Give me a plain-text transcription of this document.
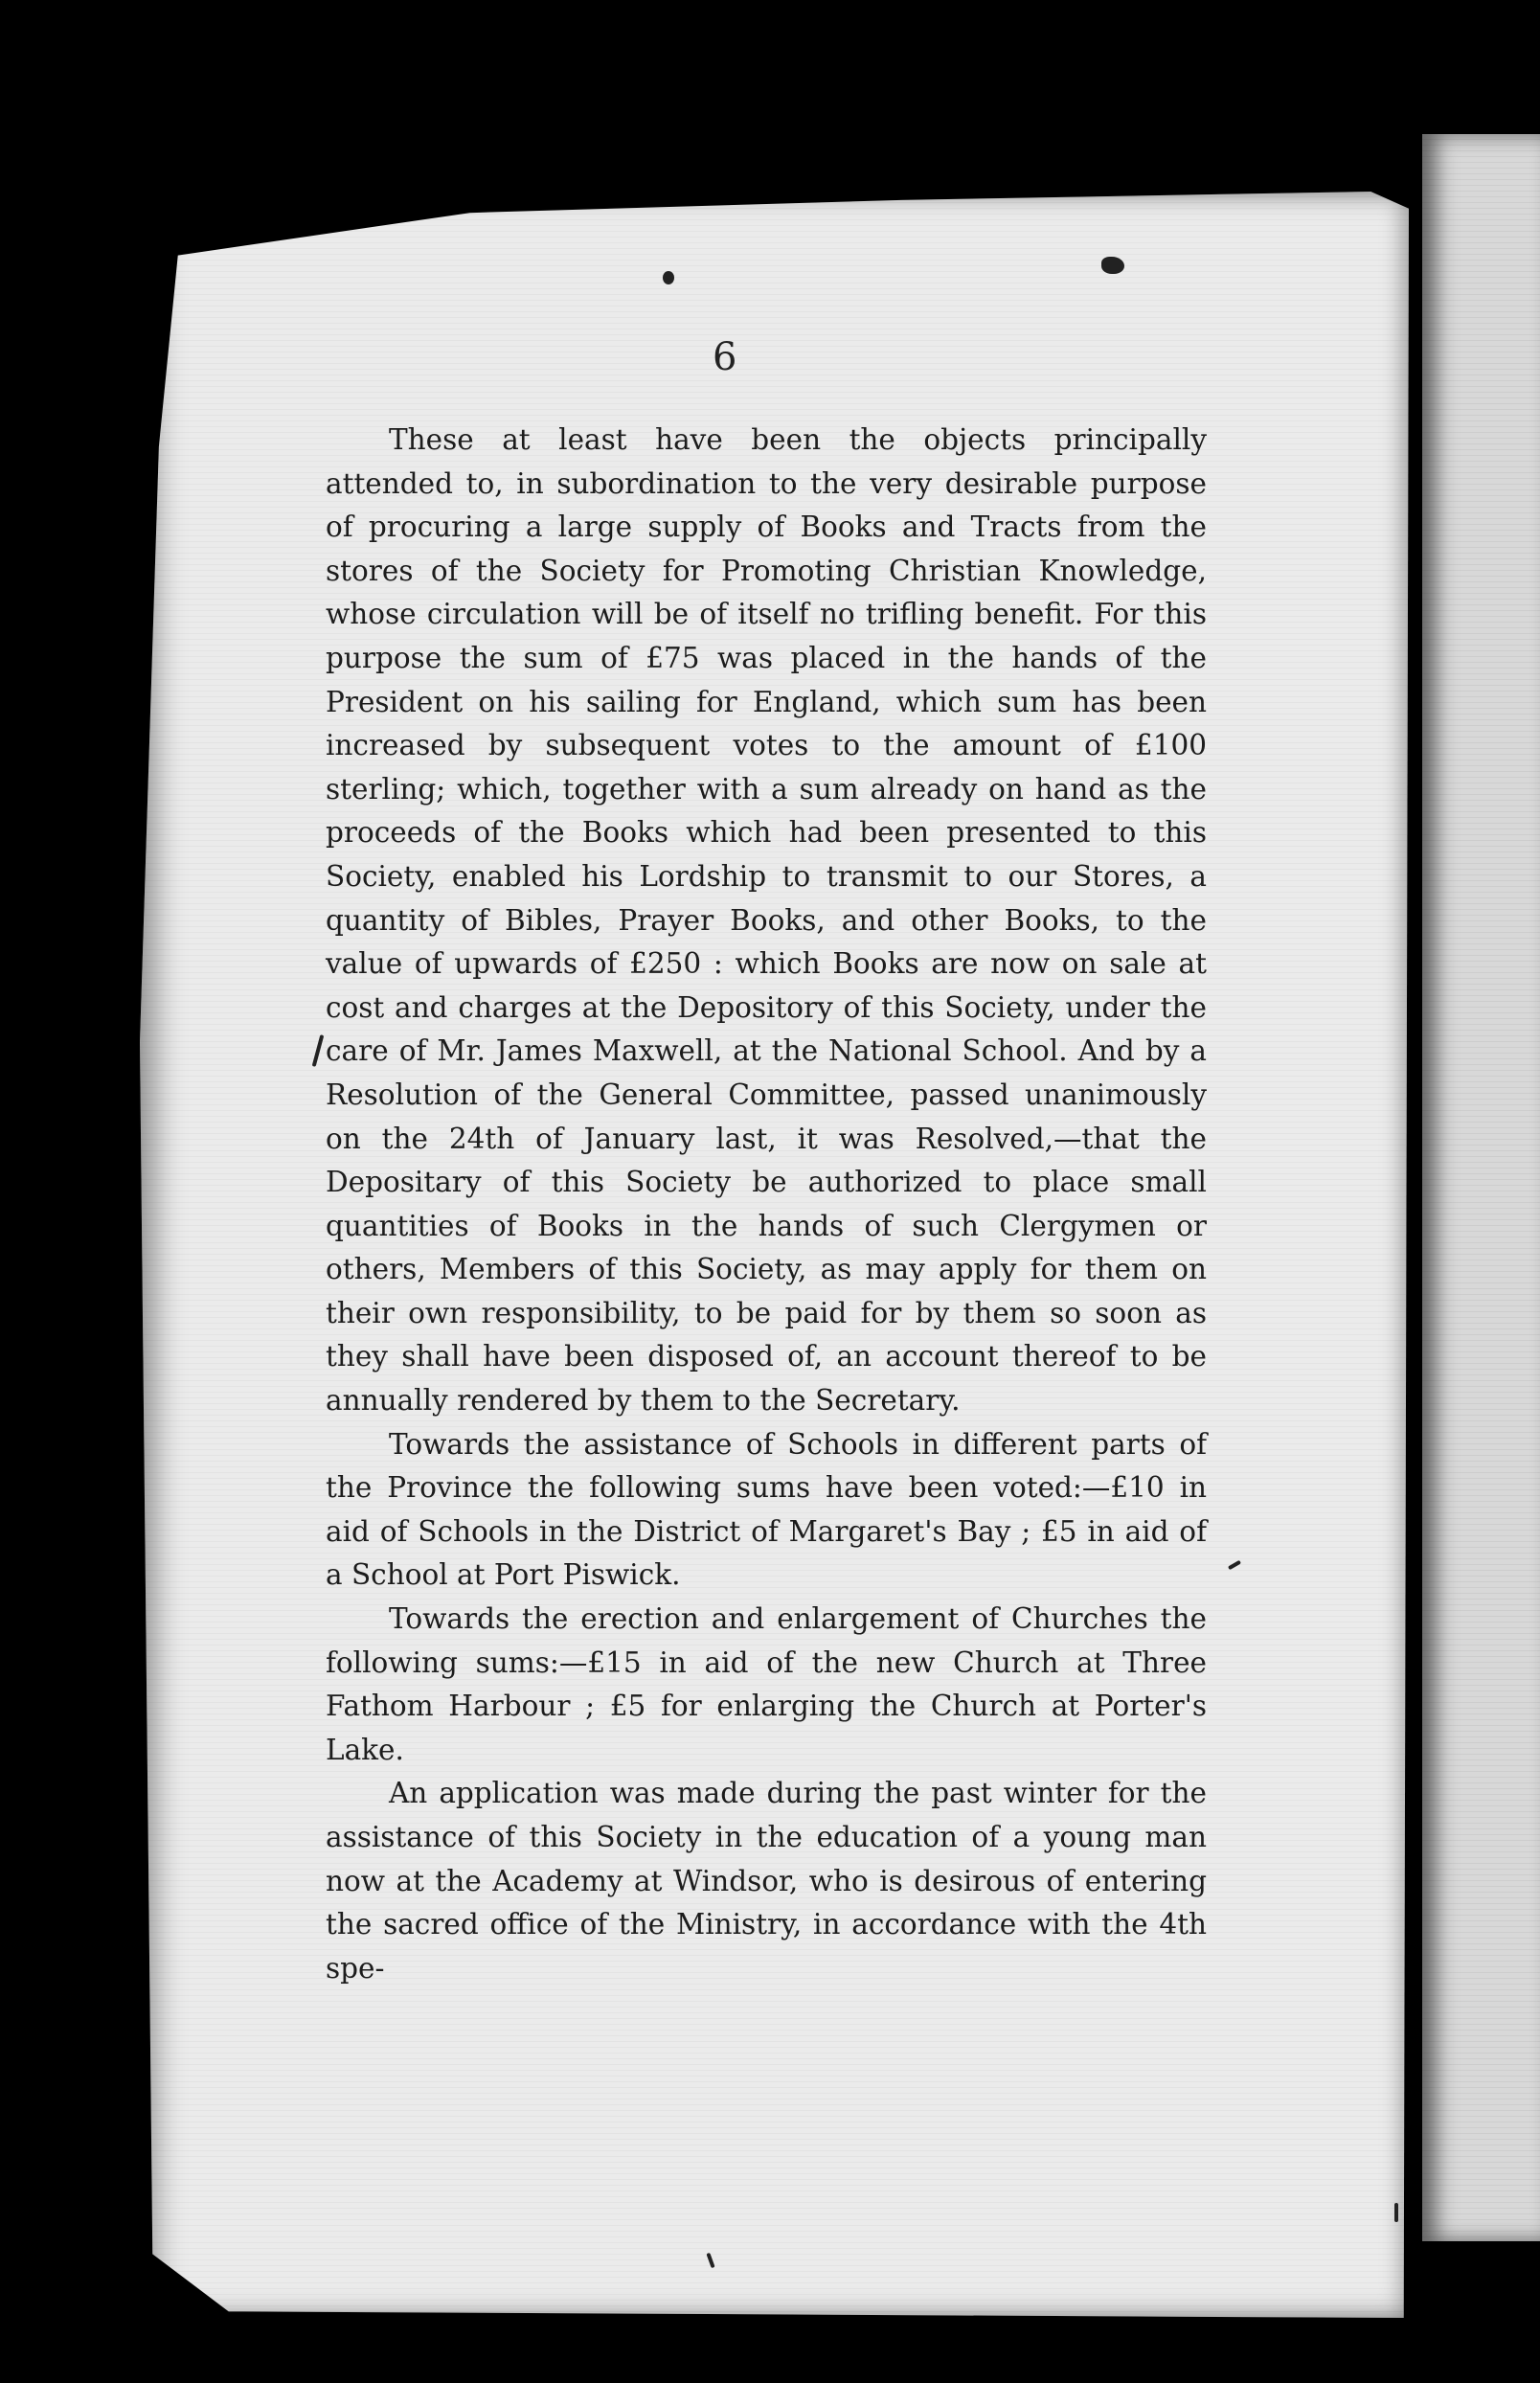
6

These at least have been the objects principally attended to, in subordination to the very desirable purpose of procuring a large supply of Books and Tracts from the stores of the Society for Promoting Christian Knowledge, whose circulation will be of itself no trifling benefit. For this purpose the sum of £75 was placed in the hands of the President on his sailing for England, which sum has been increased by subsequent votes to the amount of £100 sterling; which, together with a sum already on hand as the proceeds of the Books which had been presented to this Society, enabled his Lordship to transmit to our Stores, a quantity of Bibles, Prayer Books, and other Books, to the value of upwards of £250 : which Books are now on sale at cost and charges at the Depository of this Society, under the care of Mr. James Maxwell, at the National School. And by a Resolution of the General Committee, passed unanimously on the 24th of January last, it was Resolved,—that the Depositary of this Society be authorized to place small quantities of Books in the hands of such Clergymen or others, Members of this Society, as may apply for them on their own responsibility, to be paid for by them so soon as they shall have been disposed of, an account thereof to be annually rendered by them to the Secretary.

Towards the assistance of Schools in different parts of the Province the following sums have been voted:—£10 in aid of Schools in the District of Margaret's Bay ; £5 in aid of a School at Port Piswick.

Towards the erection and enlargement of Churches the following sums:—£15 in aid of the new Church at Three Fathom Harbour ; £5 for enlarging the Church at Porter's Lake.

An application was made during the past winter for the assistance of this Society in the education of a young man now at the Academy at Windsor, who is desirous of entering the sacred office of the Ministry, in accordance with the 4th spe-
